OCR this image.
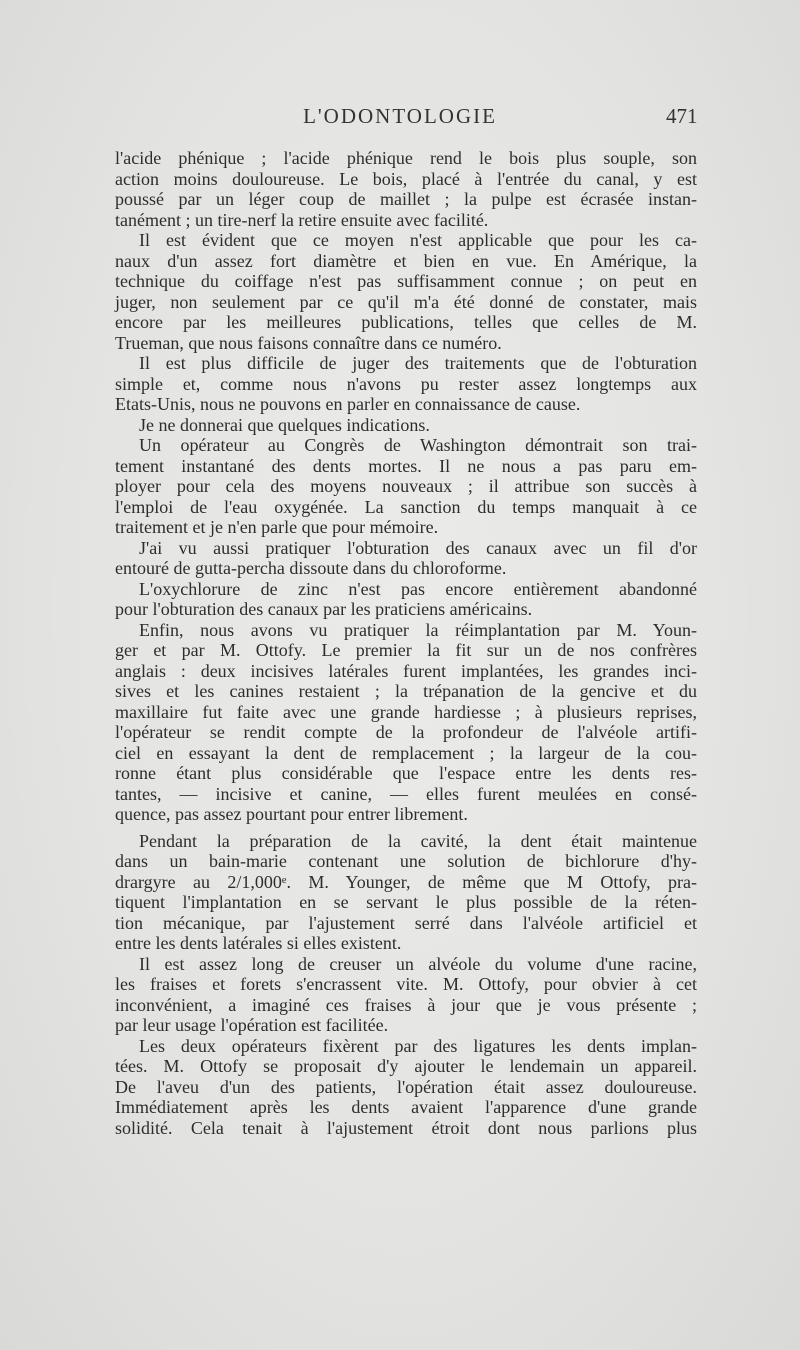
L'ODONTOLOGIE	471
l'acide phénique ; l'acide phénique rend le bois plus souple, son
action moins douloureuse. Le bois, placé à l'entrée du canal, y est
poussé par un léger coup de maillet ; la pulpe est écrasée instan-
tanément ; un tire-nerf la retire ensuite avec facilité.
Il est évident que ce moyen n'est applicable que pour les ca-
naux d'un assez fort diamètre et bien en vue. En Amérique, la
technique du coiffage n'est pas suffisamment connue ; on peut en
juger, non seulement par ce qu'il m'a été donné de constater, mais
encore par les meilleures publications, telles que celles de M.
Trueman, que nous faisons connaître dans ce numéro.
Il est plus difficile de juger des traitements que de l'obturation
simple et, comme nous n'avons pu rester assez longtemps aux
Etats-Unis, nous ne pouvons en parler en connaissance de cause.
Je ne donnerai que quelques indications.
Un opérateur au Congrès de Washington démontrait son trai-
tement instantané des dents mortes. Il ne nous a pas paru em-
ployer pour cela des moyens nouveaux ; il attribue son succès à
l'emploi de l'eau oxygénée. La sanction du temps manquait à ce
traitement et je n'en parle que pour mémoire.
J'ai vu aussi pratiquer l'obturation des canaux avec un fil d'or
entouré de gutta-percha dissoute dans du chloroforme.
L'oxychlorure de zinc n'est pas encore entièrement abandonné
pour l'obturation des canaux par les praticiens américains.
Enfin, nous avons vu pratiquer la réimplantation par M. Youn-
ger et par M. Ottofy. Le premier la fit sur un de nos confrères
anglais : deux incisives latérales furent implantées, les grandes inci-
sives et les canines restaient ; la trépanation de la gencive et du
maxillaire fut faite avec une grande hardiesse ; à plusieurs reprises,
l'opérateur se rendit compte de la profondeur de l'alvéole artifi-
ciel en essayant la dent de remplacement ; la largeur de la cou-
ronne étant plus considérable que l'espace entre les dents res-
tantes, — incisive et canine, — elles furent meulées en consé-
quence, pas assez pourtant pour entrer librement.
Pendant la préparation de la cavité, la dent était maintenue
dans un bain-marie contenant une solution de bichlorure d'hy-
drargyre au 2/1,000ᵉ. M. Younger, de même que M Ottofy, pra-
tiquent l'implantation en se servant le plus possible de la réten-
tion mécanique, par l'ajustement serré dans l'alvéole artificiel et
entre les dents latérales si elles existent.
Il est assez long de creuser un alvéole du volume d'une racine,
les fraises et forets s'encrassent vite. M. Ottofy, pour obvier à cet
inconvénient, a imaginé ces fraises à jour que je vous présente ;
par leur usage l'opération est facilitée.
Les deux opérateurs fixèrent par des ligatures les dents implan-
tées. M. Ottofy se proposait d'y ajouter le lendemain un appareil.
De l'aveu d'un des patients, l'opération était assez douloureuse.
Immédiatement après les dents avaient l'apparence d'une grande
solidité. Cela tenait à l'ajustement étroit dont nous parlions plus
